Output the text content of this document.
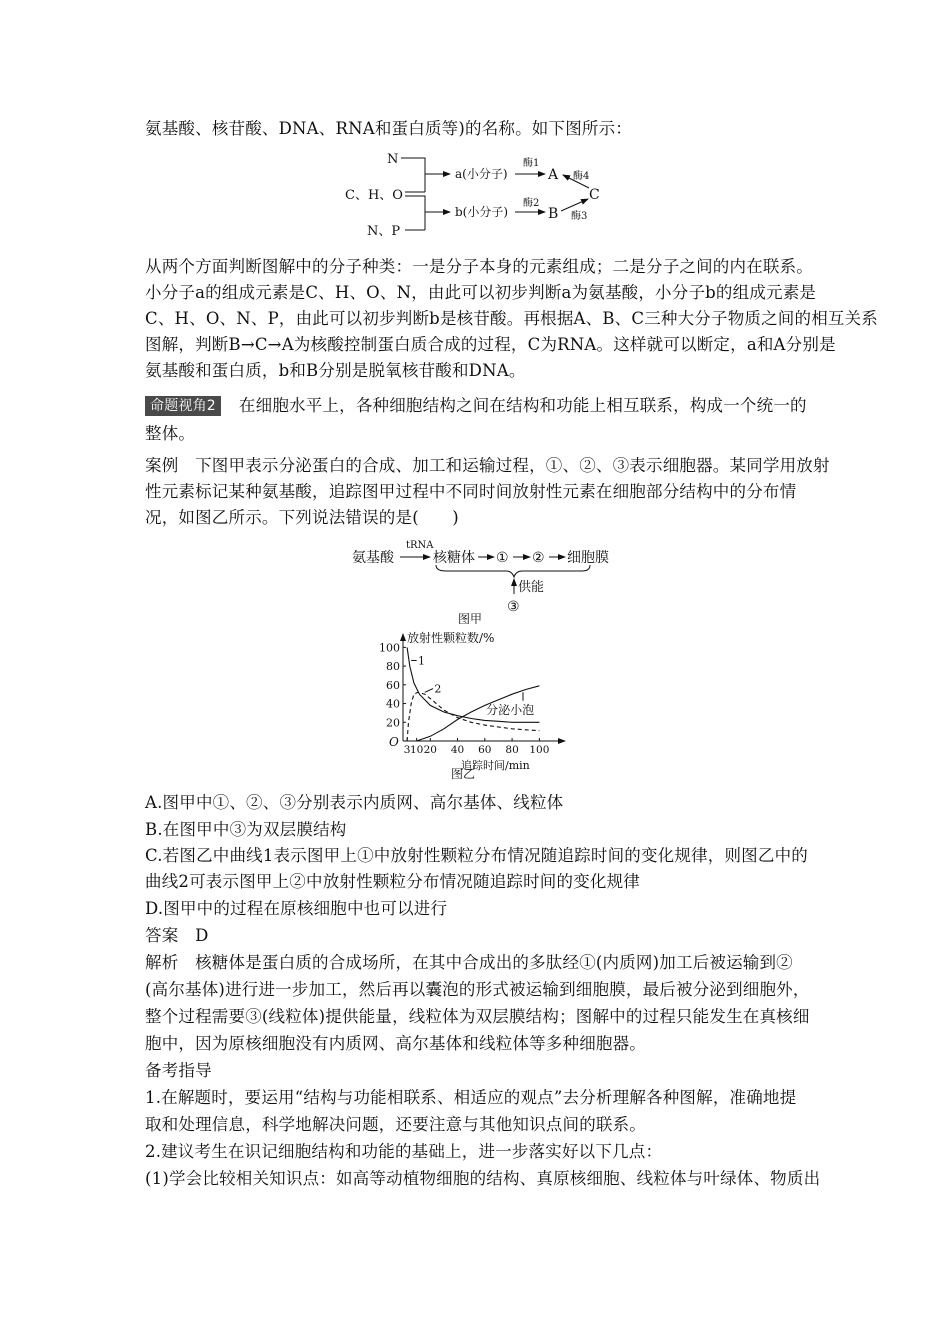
氨基酸、核苷酸、DNA、RNA和蛋白质等)的名称。如下图所示：
N
C、H、O
N、P
a(小分子)
b(小分子)
酶1
酶2
A
B
C
酶4
酶3
从两个方面判断图解中的分子种类：一是分子本身的元素组成；二是分子之间的内在联系。
小分子a的组成元素是C、H、O、N，由此可以初步判断a为氨基酸，小分子b的组成元素是
C、H、O、N、P，由此可以初步判断b是核苷酸。再根据A、B、C三种大分子物质之间的相互关系
图解，判断B→C→A为核酸控制蛋白质合成的过程，C为RNA。这样就可以断定，a和A分别是
氨基酸和蛋白质，b和B分别是脱氧核苷酸和DNA。
命题视角2 在细胞水平上，各种细胞结构之间在结构和功能上相互联系，构成一个统一的
整体。
案例　下图甲表示分泌蛋白的合成、加工和运输过程，①、②、③表示细胞器。某同学用放射
性元素标记某种氨基酸，追踪图甲过程中不同时间放射性元素在细胞部分结构中的分布情
况，如图乙所示。下列说法错误的是(　　)
氨基酸
tRNA
核糖体 ① ② 细胞膜
供能
③
图甲
放射性颗粒数/%
追踪时间/min
O
20
40
60
80
100
3 10 20 40 60 80 100
1
2
分泌小泡
图乙
A.图甲中①、②、③分别表示内质网、高尔基体、线粒体
B.在图甲中③为双层膜结构
C.若图乙中曲线1表示图甲上①中放射性颗粒分布情况随追踪时间的变化规律，则图乙中的
曲线2可表示图甲上②中放射性颗粒分布情况随追踪时间的变化规律
D.图甲中的过程在原核细胞中也可以进行
答案　D
解析　核糖体是蛋白质的合成场所，在其中合成出的多肽经①(内质网)加工后被运输到②
(高尔基体)进行进一步加工，然后再以囊泡的形式被运输到细胞膜，最后被分泌到细胞外，
整个过程需要③(线粒体)提供能量，线粒体为双层膜结构；图解中的过程只能发生在真核细
胞中，因为原核细胞没有内质网、高尔基体和线粒体等多种细胞器。
备考指导
1.在解题时，要运用“结构与功能相联系、相适应的观点”去分析理解各种图解，准确地提
取和处理信息，科学地解决问题，还要注意与其他知识点间的联系。
2.建议考生在识记细胞结构和功能的基础上，进一步落实好以下几点：
(1)学会比较相关知识点：如高等动植物细胞的结构、真原核细胞、线粒体与叶绿体、物质出
